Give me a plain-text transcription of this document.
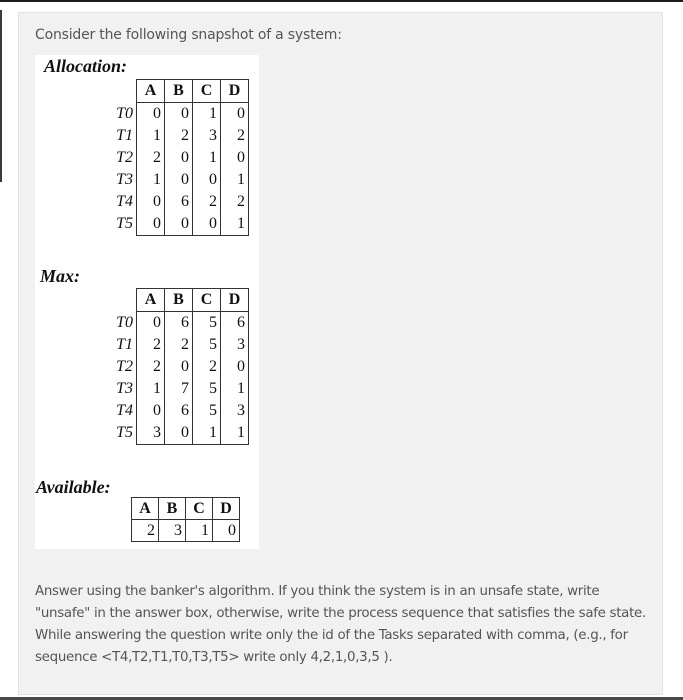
Consider the following snapshot of a system:
Allocation:
	A	B	C	D
T0	0	0	1	0
T1	1	2	3	2
T2	2	0	1	0
T3	1	0	0	1
T4	0	6	2	2
T5	0	0	0	1
Max:
	A	B	C	D
T0	0	6	5	6
T1	2	2	5	3
T2	2	0	2	0
T3	1	7	5	1
T4	0	6	5	3
T5	3	0	1	1
Available:
A	B	C	D
2	3	1	0

Answer using the banker's algorithm. If you think the system is in an unsafe state, write

"unsafe" in the answer box, otherwise, write the process sequence that satisfies the safe state.

While answering the question write only the id of the Tasks separated with comma, (e.g., for

sequence <T4,T2,T1,T0,T3,T5> write only 4,2,1,0,3,5 ).
